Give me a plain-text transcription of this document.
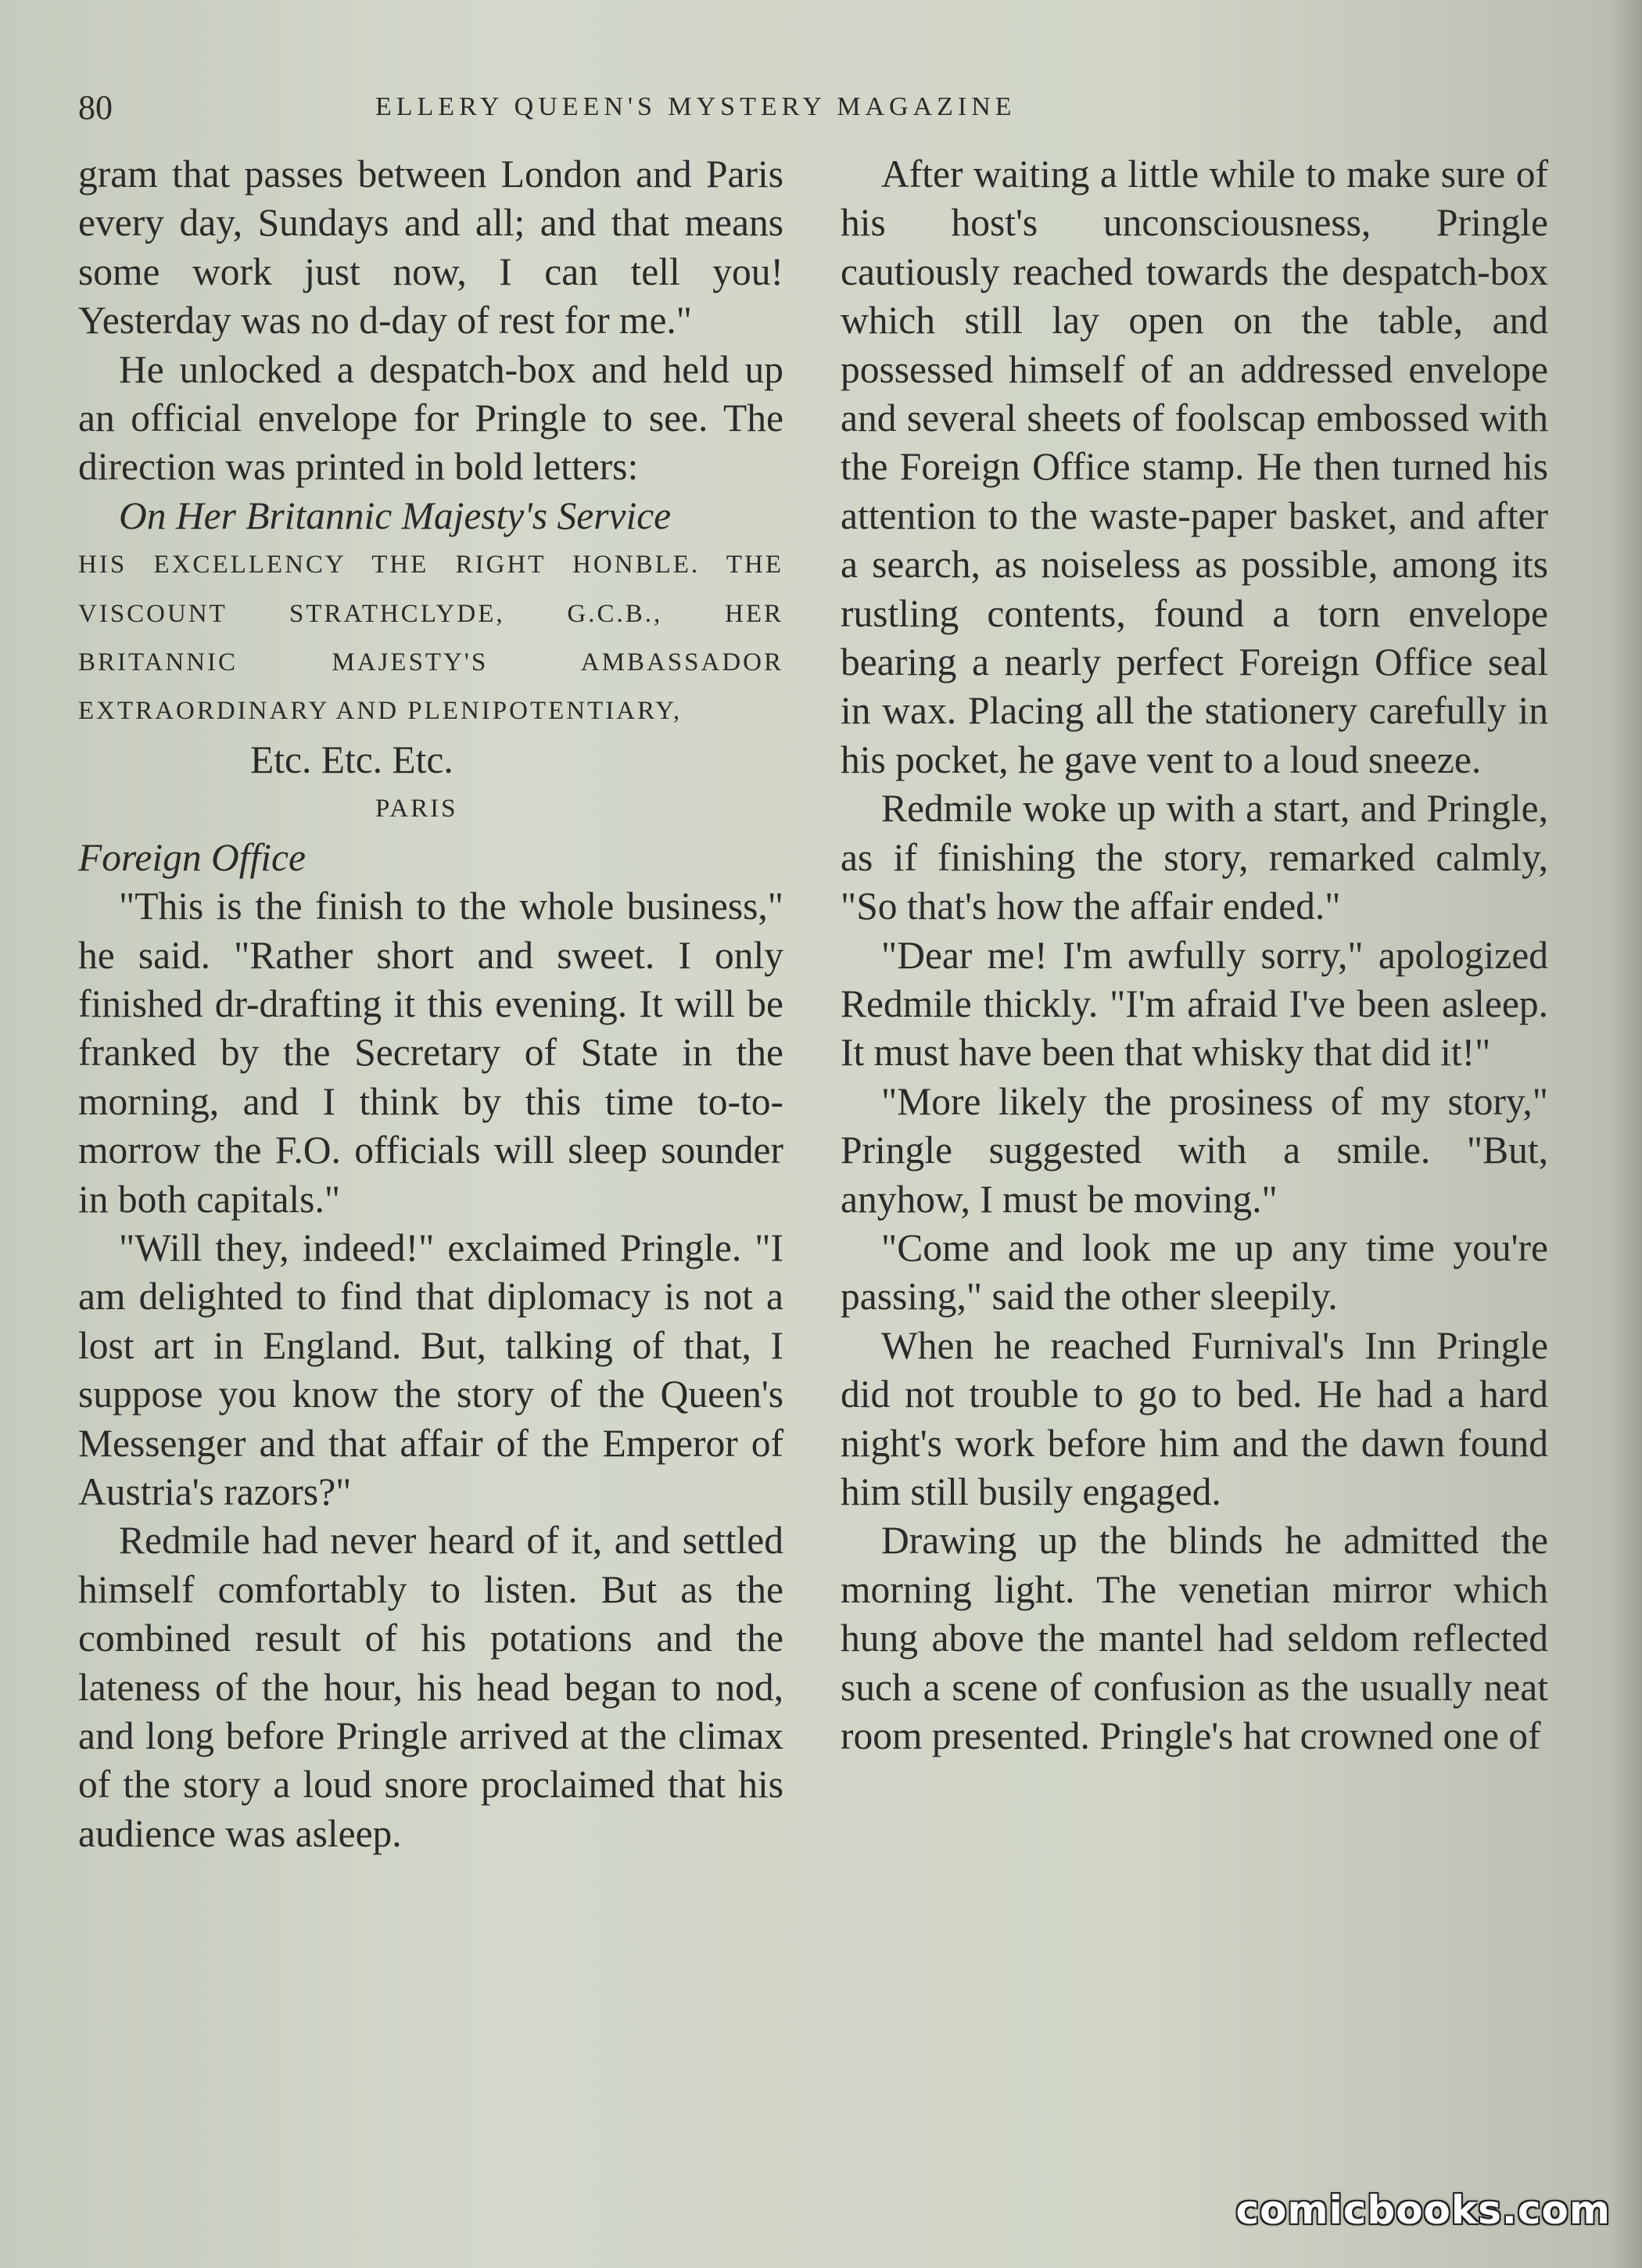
80	ELLERY QUEEN'S MYSTERY MAGAZINE

gram that passes between London and Paris every day, Sundays and all; and that means some work just now, I can tell you! Yesterday was no d-day of rest for me."

He unlocked a despatch-box and held up an official envelope for Pringle to see. The direction was printed in bold letters:

On Her Britannic Majesty's Service

HIS EXCELLENCY THE RIGHT HONBLE. THE VISCOUNT STRATHCLYDE, G.C.B., HER BRITANNIC MAJESTY'S AMBASSADOR EXTRAORDINARY AND PLENIPOTENTIARY,

Etc. Etc. Etc.

PARIS

Foreign Office

"This is the finish to the whole business," he said. "Rather short and sweet. I only finished dr-drafting it this evening. It will be franked by the Secretary of State in the morning, and I think by this time to-to-morrow the F.O. officials will sleep sounder in both capitals."

"Will they, indeed!" exclaimed Pringle. "I am delighted to find that diplomacy is not a lost art in England. But, talking of that, I suppose you know the story of the Queen's Messenger and that affair of the Emperor of Austria's razors?"

Redmile had never heard of it, and settled himself comfortably to listen. But as the combined result of his potations and the lateness of the hour, his head began to nod, and long before Pringle arrived at the climax of the story a loud snore proclaimed that his audience was asleep.

After waiting a little while to make sure of his host's unconsciousness, Pringle cautiously reached towards the despatch-box which still lay open on the table, and possessed himself of an addressed envelope and several sheets of foolscap embossed with the Foreign Office stamp. He then turned his attention to the waste-paper basket, and after a search, as noiseless as possible, among its rustling contents, found a torn envelope bearing a nearly perfect Foreign Office seal in wax. Placing all the stationery carefully in his pocket, he gave vent to a loud sneeze.

Redmile woke up with a start, and Pringle, as if finishing the story, remarked calmly, "So that's how the affair ended."

"Dear me! I'm awfully sorry," apologized Redmile thickly. "I'm afraid I've been asleep. It must have been that whisky that did it!"

"More likely the prosiness of my story," Pringle suggested with a smile. "But, anyhow, I must be moving."

"Come and look me up any time you're passing," said the other sleepily.

When he reached Furnival's Inn Pringle did not trouble to go to bed. He had a hard night's work before him and the dawn found him still busily engaged.

Drawing up the blinds he admitted the morning light. The venetian mirror which hung above the mantel had seldom reflected such a scene of confusion as the usually neat room presented. Pringle's hat crowned one of

comicbooks.com
